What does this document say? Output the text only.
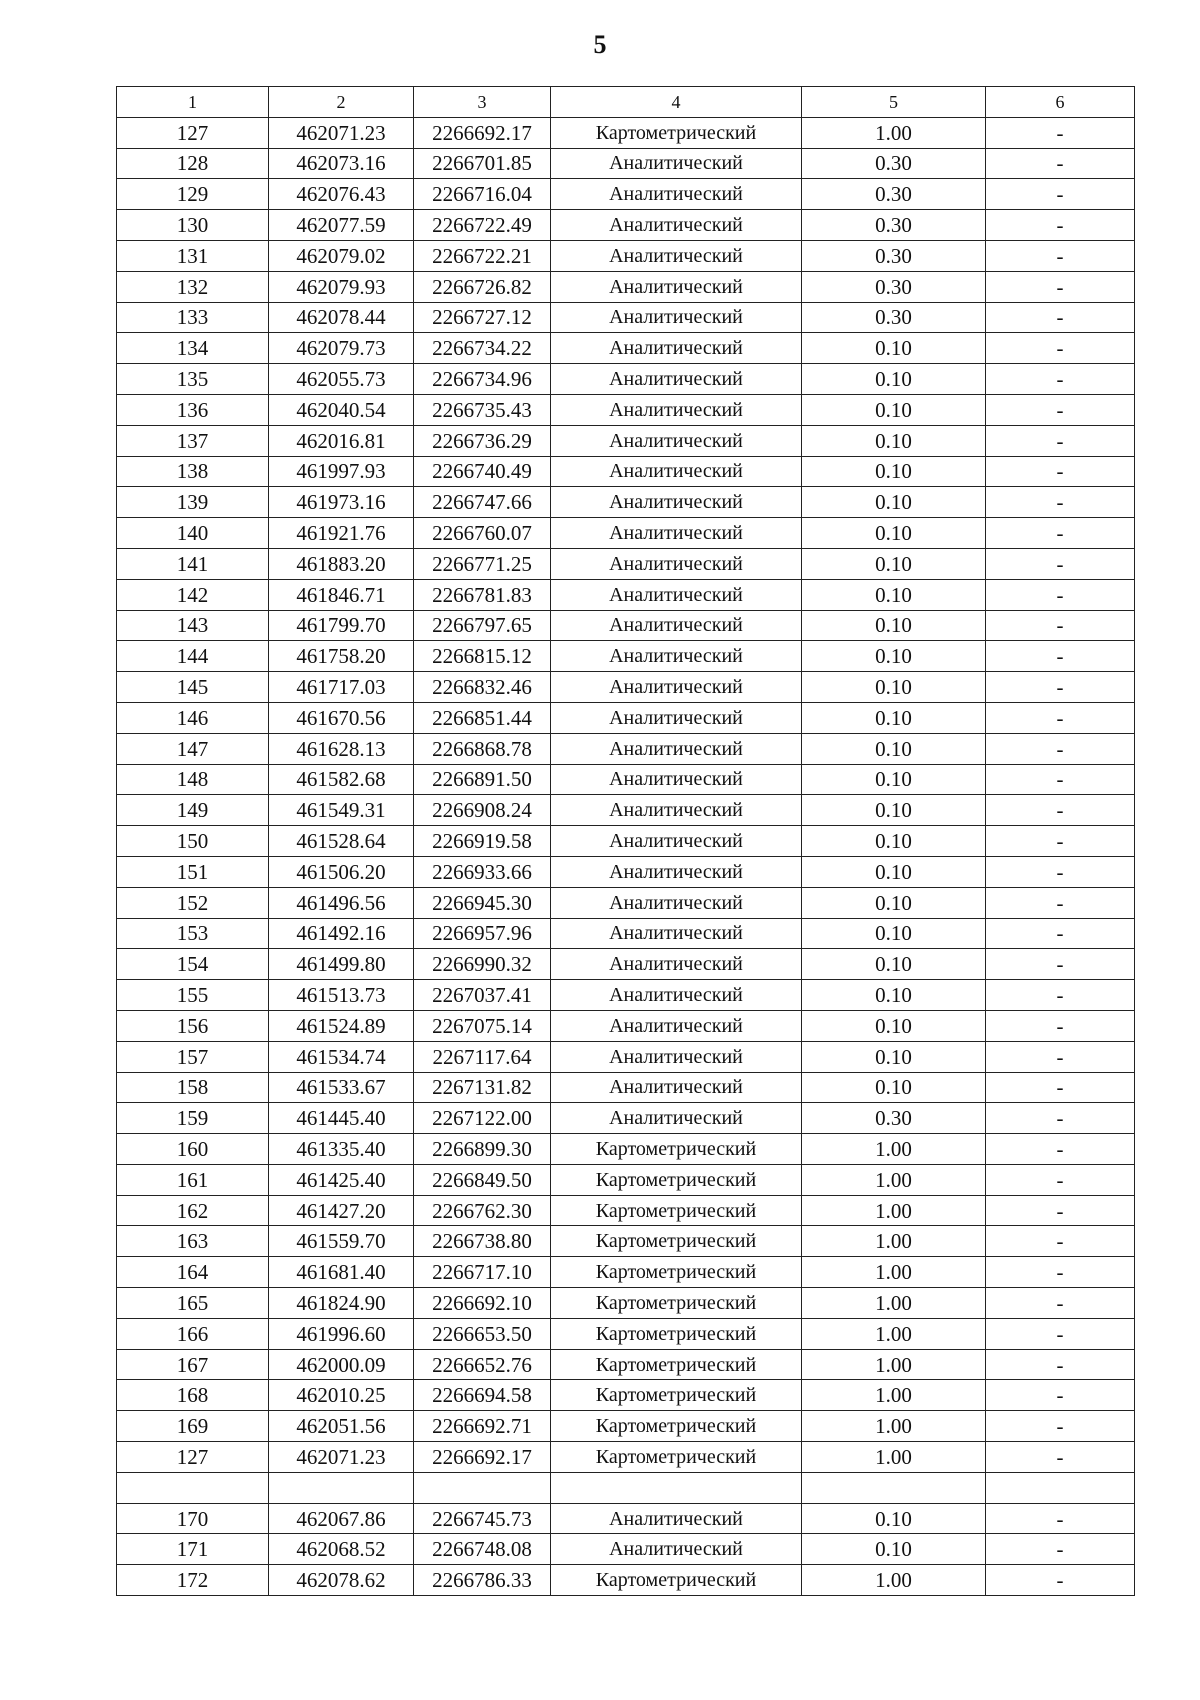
5
1	2	3	4	5	6
127	462071.23	2266692.17	Картометрический	1.00	-
128	462073.16	2266701.85	Аналитический	0.30	-
129	462076.43	2266716.04	Аналитический	0.30	-
130	462077.59	2266722.49	Аналитический	0.30	-
131	462079.02	2266722.21	Аналитический	0.30	-
132	462079.93	2266726.82	Аналитический	0.30	-
133	462078.44	2266727.12	Аналитический	0.30	-
134	462079.73	2266734.22	Аналитический	0.10	-
135	462055.73	2266734.96	Аналитический	0.10	-
136	462040.54	2266735.43	Аналитический	0.10	-
137	462016.81	2266736.29	Аналитический	0.10	-
138	461997.93	2266740.49	Аналитический	0.10	-
139	461973.16	2266747.66	Аналитический	0.10	-
140	461921.76	2266760.07	Аналитический	0.10	-
141	461883.20	2266771.25	Аналитический	0.10	-
142	461846.71	2266781.83	Аналитический	0.10	-
143	461799.70	2266797.65	Аналитический	0.10	-
144	461758.20	2266815.12	Аналитический	0.10	-
145	461717.03	2266832.46	Аналитический	0.10	-
146	461670.56	2266851.44	Аналитический	0.10	-
147	461628.13	2266868.78	Аналитический	0.10	-
148	461582.68	2266891.50	Аналитический	0.10	-
149	461549.31	2266908.24	Аналитический	0.10	-
150	461528.64	2266919.58	Аналитический	0.10	-
151	461506.20	2266933.66	Аналитический	0.10	-
152	461496.56	2266945.30	Аналитический	0.10	-
153	461492.16	2266957.96	Аналитический	0.10	-
154	461499.80	2266990.32	Аналитический	0.10	-
155	461513.73	2267037.41	Аналитический	0.10	-
156	461524.89	2267075.14	Аналитический	0.10	-
157	461534.74	2267117.64	Аналитический	0.10	-
158	461533.67	2267131.82	Аналитический	0.10	-
159	461445.40	2267122.00	Аналитический	0.30	-
160	461335.40	2266899.30	Картометрический	1.00	-
161	461425.40	2266849.50	Картометрический	1.00	-
162	461427.20	2266762.30	Картометрический	1.00	-
163	461559.70	2266738.80	Картометрический	1.00	-
164	461681.40	2266717.10	Картометрический	1.00	-
165	461824.90	2266692.10	Картометрический	1.00	-
166	461996.60	2266653.50	Картометрический	1.00	-
167	462000.09	2266652.76	Картометрический	1.00	-
168	462010.25	2266694.58	Картометрический	1.00	-
169	462051.56	2266692.71	Картометрический	1.00	-
127	462071.23	2266692.17	Картометрический	1.00	-

170	462067.86	2266745.73	Аналитический	0.10	-
171	462068.52	2266748.08	Аналитический	0.10	-
172	462078.62	2266786.33	Картометрический	1.00	-
